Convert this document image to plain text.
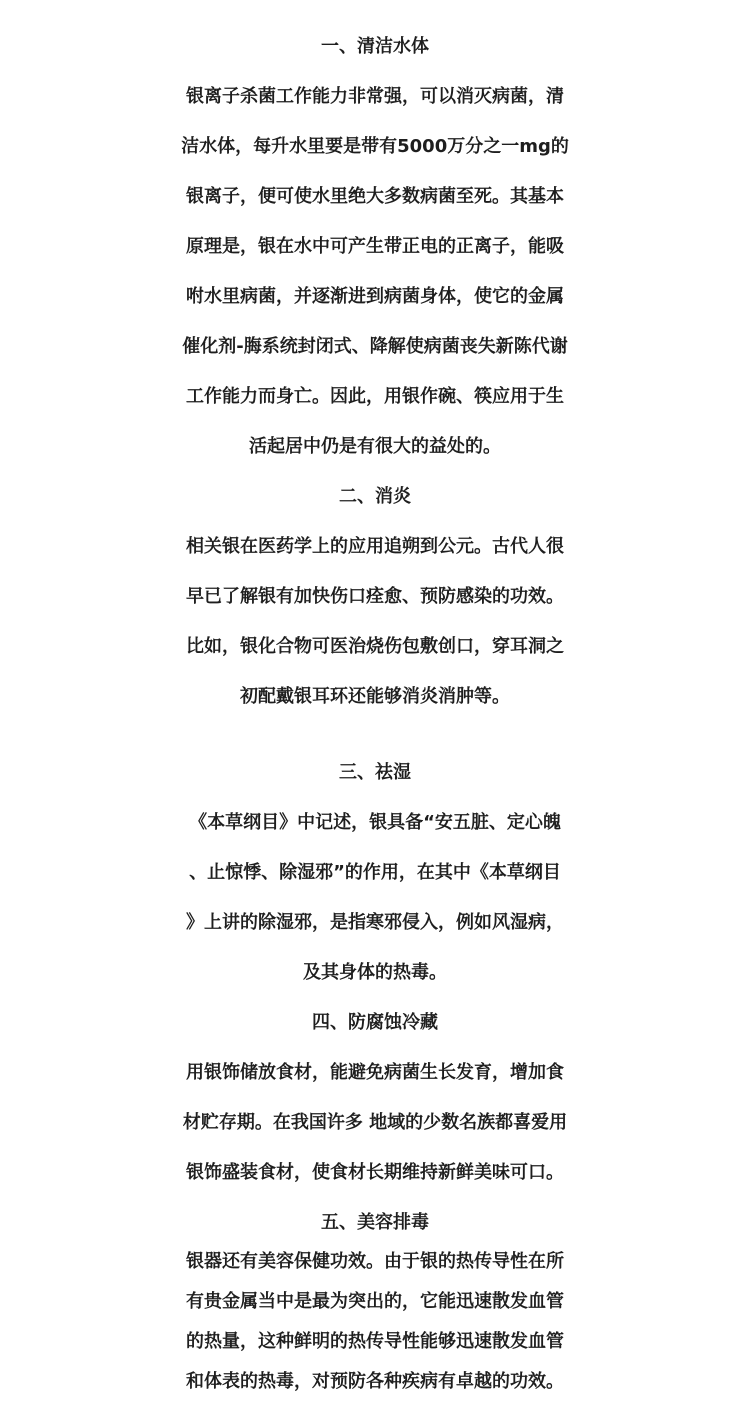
一、清洁水体
银离子杀菌工作能力非常强，可以消灭病菌，清
洁水体，每升水里要是带有5000万分之一mg的
银离子，便可使水里绝大多数病菌至死。其基本
原理是，银在水中可产生带正电的正离子，能吸
咐水里病菌，并逐渐进到病菌身体，使它的金属
催化剂-脢系统封闭式、降解使病菌丧失新陈代谢
工作能力而身亡。因此，用银作碗、筷应用于生
活起居中仍是有很大的益处的。
二、消炎
相关银在医药学上的应用追朔到公元。古代人很
早已了解银有加快伤口痊愈、预防感染的功效。
比如，银化合物可医治烧伤包敷创口，穿耳洞之
初配戴银耳环还能够消炎消肿等。
三、祛湿
《本草纲目》中记述，银具备“安五脏、定心魄
、止惊悸、除湿邪”的作用，在其中《本草纲目
》上讲的除湿邪，是指寒邪侵入，例如风湿病，
及其身体的热毒。
四、防腐蚀冷藏
用银饰储放食材，能避免病菌生长发育，增加食
材贮存期。在我国许多 地域的少数名族都喜爱用
银饰盛装食材，使食材长期维持新鲜美味可口。
五、美容排毒
银器还有美容保健功效。由于银的热传导性在所
有贵金属当中是最为突出的，它能迅速散发血管
的热量，这种鲜明的热传导性能够迅速散发血管
和体表的热毒，对预防各种疾病有卓越的功效。
